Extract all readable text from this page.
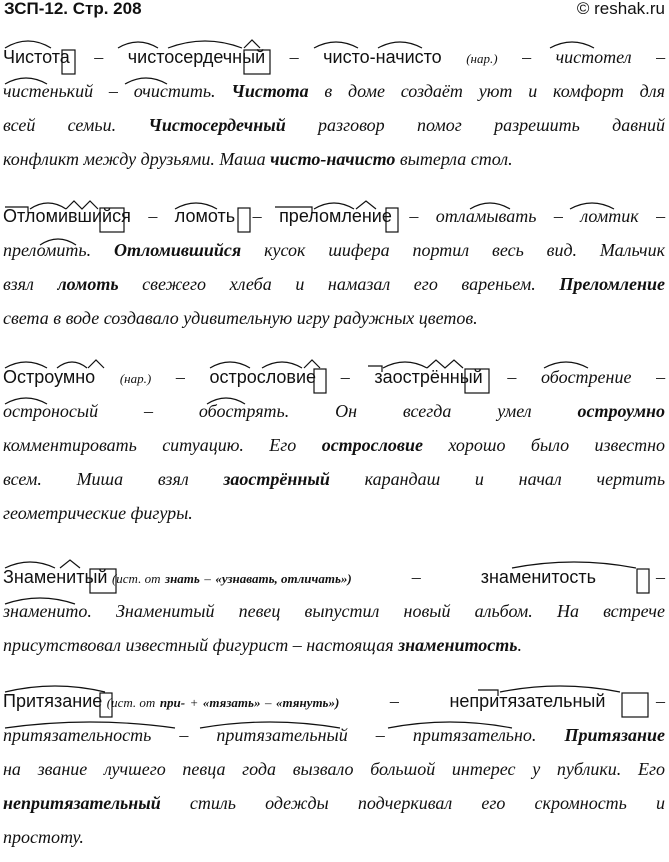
ЗСП-12. Стр. 208	© reshak.ru
Чистота – чистосердечный – чисто-начисто (нар.) – чистотел –
чистенький – очистить. Чистота в доме создаёт уют и комфорт для
всей семьи. Чистосердечный разговор помог разрешить давний
конфликт между друзьями. Маша чисто-начисто вытерла стол.
Отломившийся – ломоть – преломление – отламывать – ломтик –
преломить. Отломившийся кусок шифера портил весь вид. Мальчик
взял ломоть свежего хлеба и намазал его вареньем. Преломление
света в воде создавало удивительную игру радужных цветов.
Остроумно (нар.) – острословие – заострённый – обострение –
остроносый	–	обострять.	Он всегда умел	остроумно
комментировать ситуацию. Его острословие хорошо было известно
всем. Миша взял заострённый карандаш и начал чертить
геометрические фигуры.
Знаменитый (ист. от знать – «узнавать, отличать»)	–	знаменитость	–
знаменито. Знаменитый певец выпустил новый альбом. На встрече
присутствовал известный фигурист – настоящая знаменитость.
Притязание (ист. от при- + «тязать» – «тянуть»)	–	непритязательный	–
притязательность – притязательный – притязательно. Притязание
на звание лучшего певца года вызвало большой интерес у публики. Его
непритязательный стиль одежды подчеркивал его скромность и
простоту.
